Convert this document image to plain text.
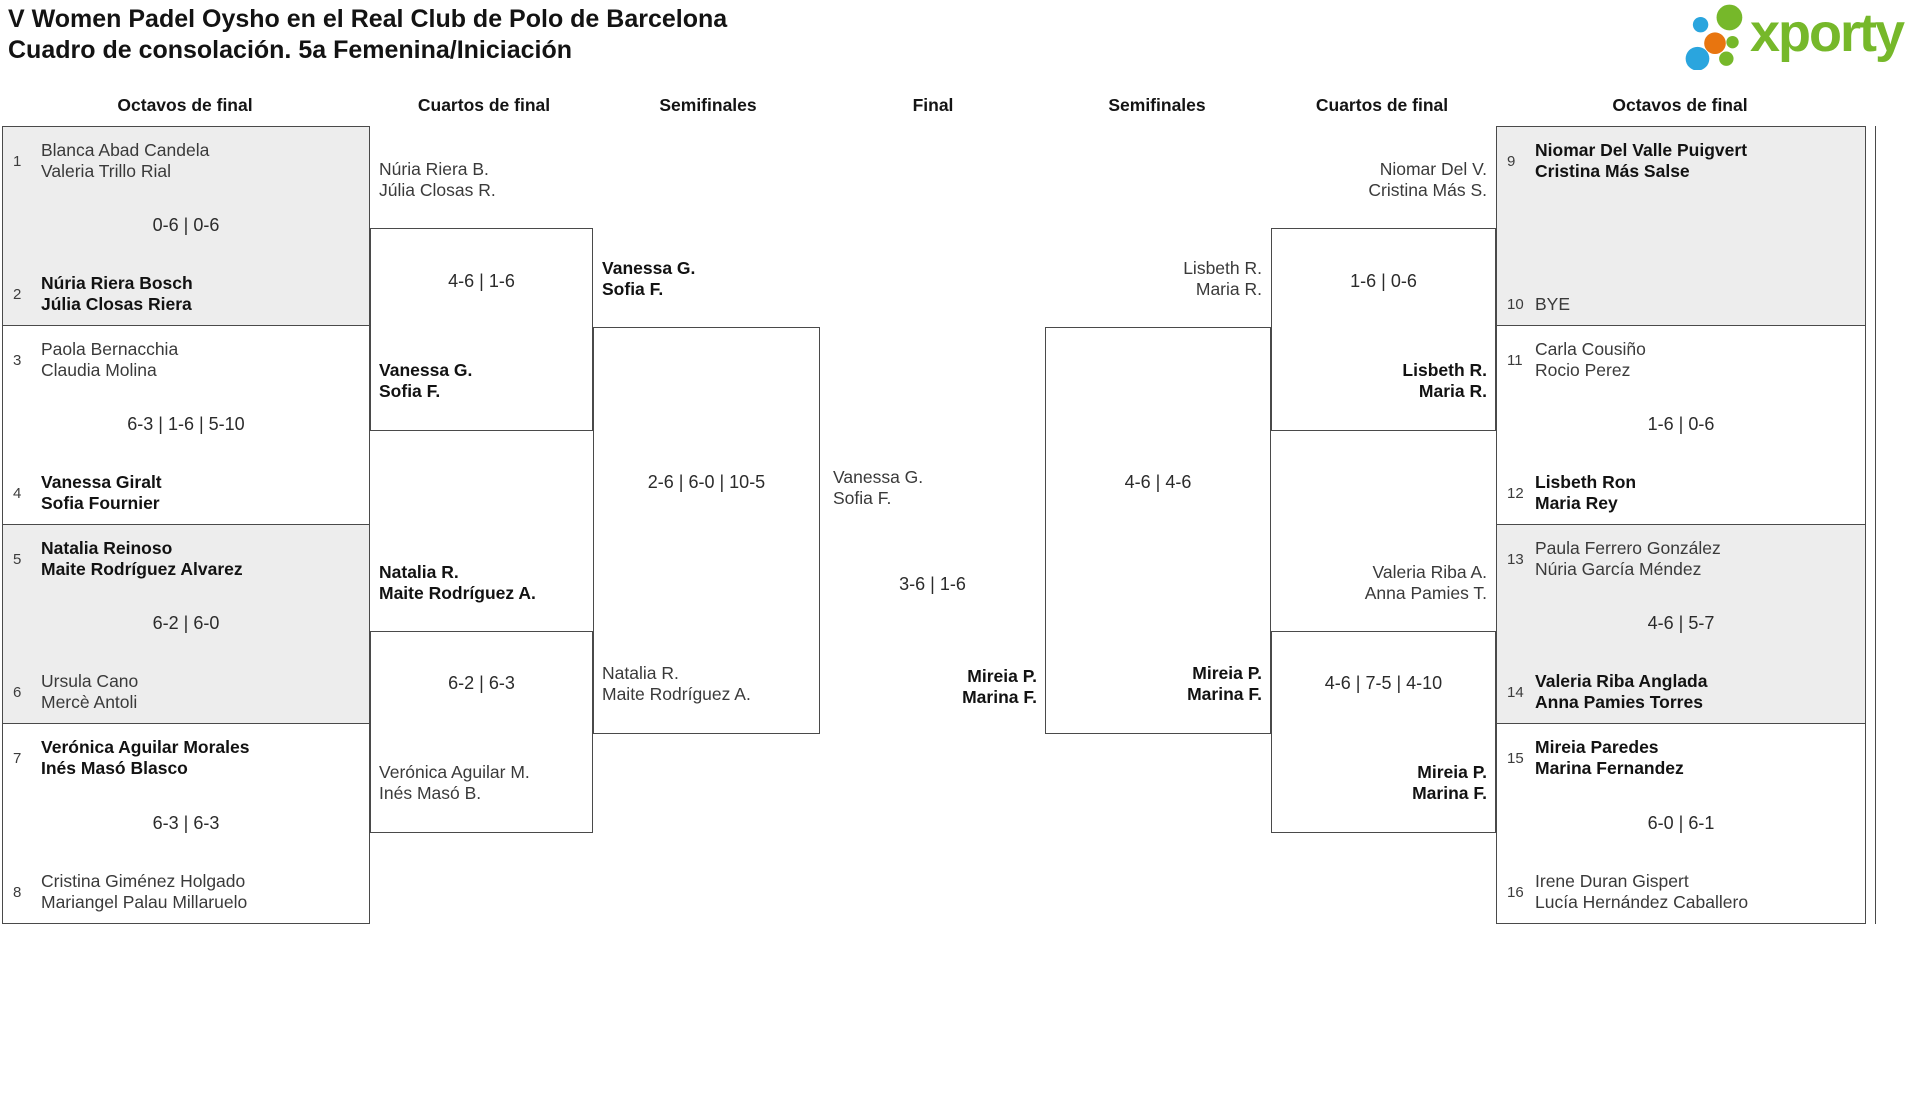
V Women Padel Oysho en el Real Club de Polo de Barcelona
Cuadro de consolación. 5a Femenina/Iniciación	xporty
Octavos de final	Cuartos de final	Semifinales	Final	Semifinales	Cuartos de final	Octavos de final
1
Blanca Abad Candela
Valeria Trillo Rial
0-6 | 0-6
2
Núria Riera Bosch
Júlia Closas Riera
3
Paola Bernacchia
Claudia Molina
6-3 | 1-6 | 5-10
4
Vanessa Giralt
Sofia Fournier
5
Natalia Reinoso
Maite Rodríguez Alvarez
6-2 | 6-0
6
Ursula Cano
Mercè Antoli
7
Verónica Aguilar Morales
Inés Masó Blasco
6-3 | 6-3
8
Cristina Giménez Holgado
Mariangel Palau Millaruelo
9
Niomar Del Valle Puigvert
Cristina Más Salse
10 BYE
11
Carla Cousiño
Rocio Perez
1-6 | 0-6
12
Lisbeth Ron
Maria Rey
13
Paula Ferrero González
Núria García Méndez
4-6 | 5-7
14
Valeria Riba Anglada
Anna Pamies Torres
15
Mireia Paredes
Marina Fernandez
6-0 | 6-1
16
Irene Duran Gispert
Lucía Hernández Caballero
Núria Riera B.
Júlia Closas R.
4-6 | 1-6
Vanessa G.
Sofia F.
Natalia R.
Maite Rodríguez A.
6-2 | 6-3
Verónica Aguilar M.
Inés Masó B.
Niomar Del V.
Cristina Más S.
1-6 | 0-6
Lisbeth R.
Maria R.
Valeria Riba A.
Anna Pamies T.
4-6 | 7-5 | 4-10
Mireia P.
Marina F.
Vanessa G.
Sofia F.
2-6 | 6-0 | 10-5
Natalia R.
Maite Rodríguez A.
Lisbeth R.
Maria R.
4-6 | 4-6
Mireia P.
Marina F.
Vanessa G.
Sofia F.
3-6 | 1-6
Mireia P.
Marina F.
